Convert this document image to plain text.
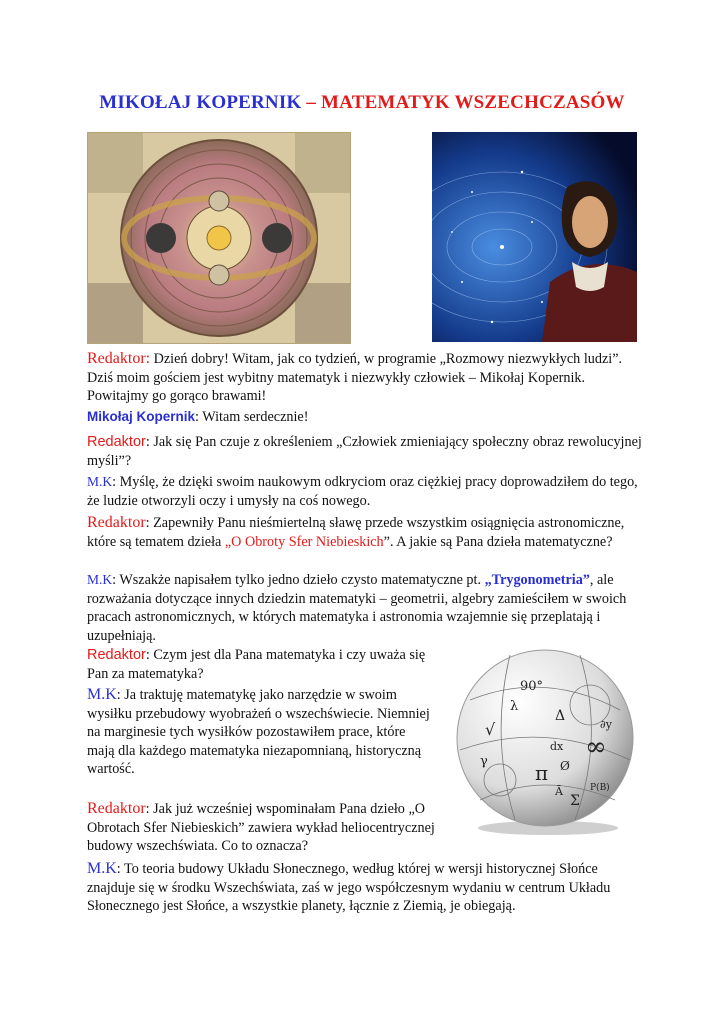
MIKOŁAJ KOPERNIK – MATEMATYK WSZECHCZASÓW
90°
π
∞
√
Δ
Σ
dx
∂y
γ	Ø
λ
Ā	P(B)

Redaktor: Dzień dobry! Witam, jak co tydzień, w programie „Rozmowy niezwykłych ludzi”. Dziś moim gościem jest wybitny matematyk i niezwykły człowiek – Mikołaj Kopernik. Powitajmy go gorąco brawami!

Mikołaj Kopernik: Witam serdecznie!

Redaktor: Jak się Pan czuje z określeniem „Człowiek zmieniający społeczny obraz rewolucyjnej myśli”?

M.K: Myślę, że dzięki swoim naukowym odkryciom oraz ciężkiej pracy doprowadziłem do tego, że ludzie otworzyli oczy i umysły na coś nowego.

Redaktor: Zapewniły Panu nieśmiertelną sławę przede wszystkim osiągnięcia astronomiczne, które są tematem dzieła „O Obroty Sfer Niebieskich”. A jakie są Pana dzieła matematyczne?

M.K: Wszakże napisałem tylko jedno dzieło czysto matematyczne pt. „Trygonometria”, ale rozważania dotyczące innych dziedzin matematyki – geometrii, algebry zamieściłem w swoich pracach astronomicznych, w których matematyka i astronomia wzajemnie się przeplatają i uzupełniają.

Redaktor: Czym jest dla Pana matematyka i czy uważa się Pan za matematyka?

M.K: Ja traktuję matematykę jako narzędzie w swoim wysiłku przebudowy wyobrażeń o wszechświecie. Niemniej na marginesie tych wysiłków pozostawiłem prace, które mają dla każdego matematyka niezapomnianą, historyczną wartość.

Redaktor: Jak już wcześniej wspominałam Pana dzieło „O Obrotach Sfer Niebieskich” zawiera wykład heliocentrycznej budowy wszechświata. Co to oznacza?

M.K: To teoria budowy Układu Słonecznego, według której w wersji historycznej Słońce znajduje się w środku Wszechświata, zaś w jego współczesnym wydaniu w centrum Układu Słonecznego jest Słońce, a wszystkie planety, łącznie z Ziemią, je obiegają.
